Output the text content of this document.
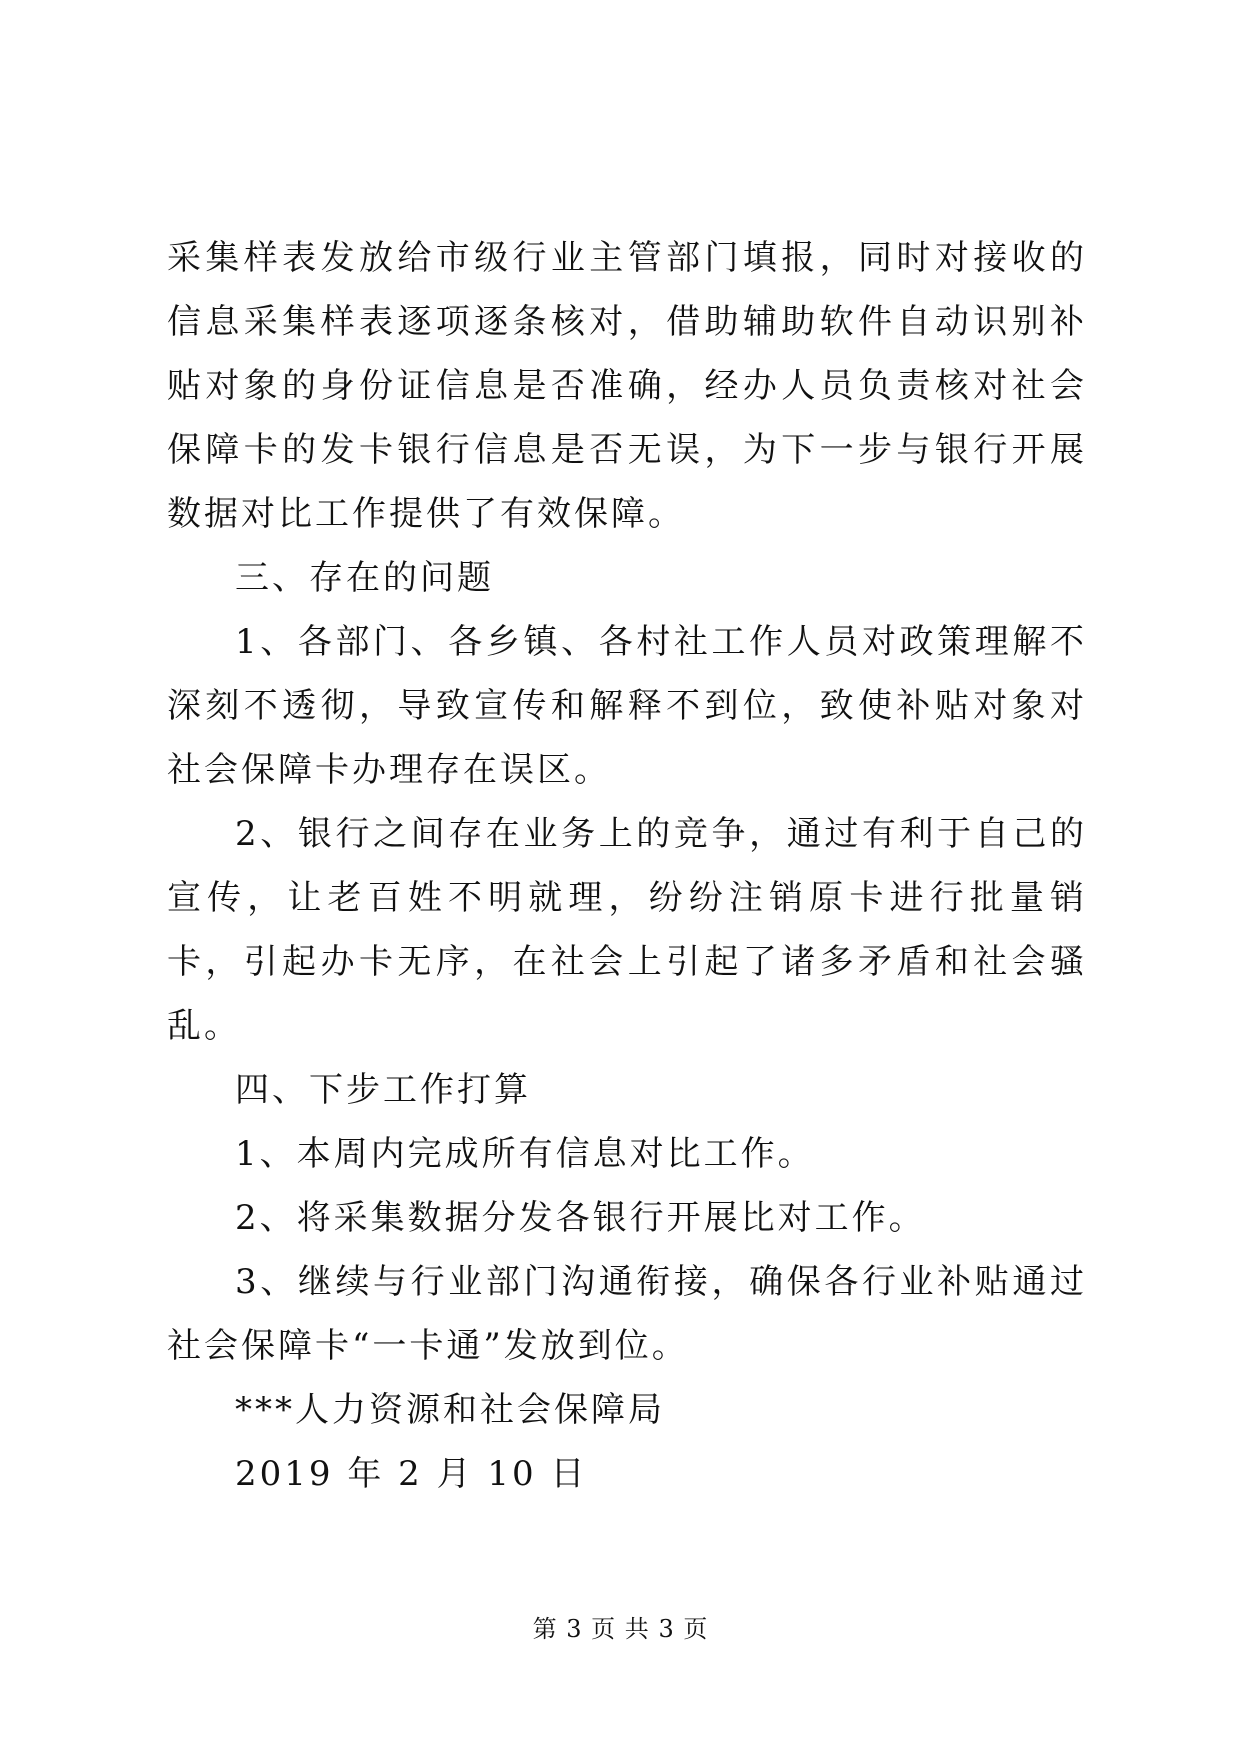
采集样表发放给市级行业主管部门填报，同时对接收的信息采集样表逐项逐条核对，借助辅助软件自动识别补贴对象的身份证信息是否准确，经办人员负责核对社会保障卡的发卡银行信息是否无误，为下一步与银行开展数据对比工作提供了有效保障。

三、存在的问题

1、各部门、各乡镇、各村社工作人员对政策理解不深刻不透彻，导致宣传和解释不到位，致使补贴对象对社会保障卡办理存在误区。

2、银行之间存在业务上的竞争，通过有利于自己的宣传，让老百姓不明就理，纷纷注销原卡进行批量销卡，引起办卡无序，在社会上引起了诸多矛盾和社会骚乱。

四、下步工作打算

1、本周内完成所有信息对比工作。

2、将采集数据分发各银行开展比对工作。

3、继续与行业部门沟通衔接，确保各行业补贴通过社会保障卡“一卡通”发放到位。

***人力资源和社会保障局

2019 年 2 月 10 日

第 3 页 共 3 页
